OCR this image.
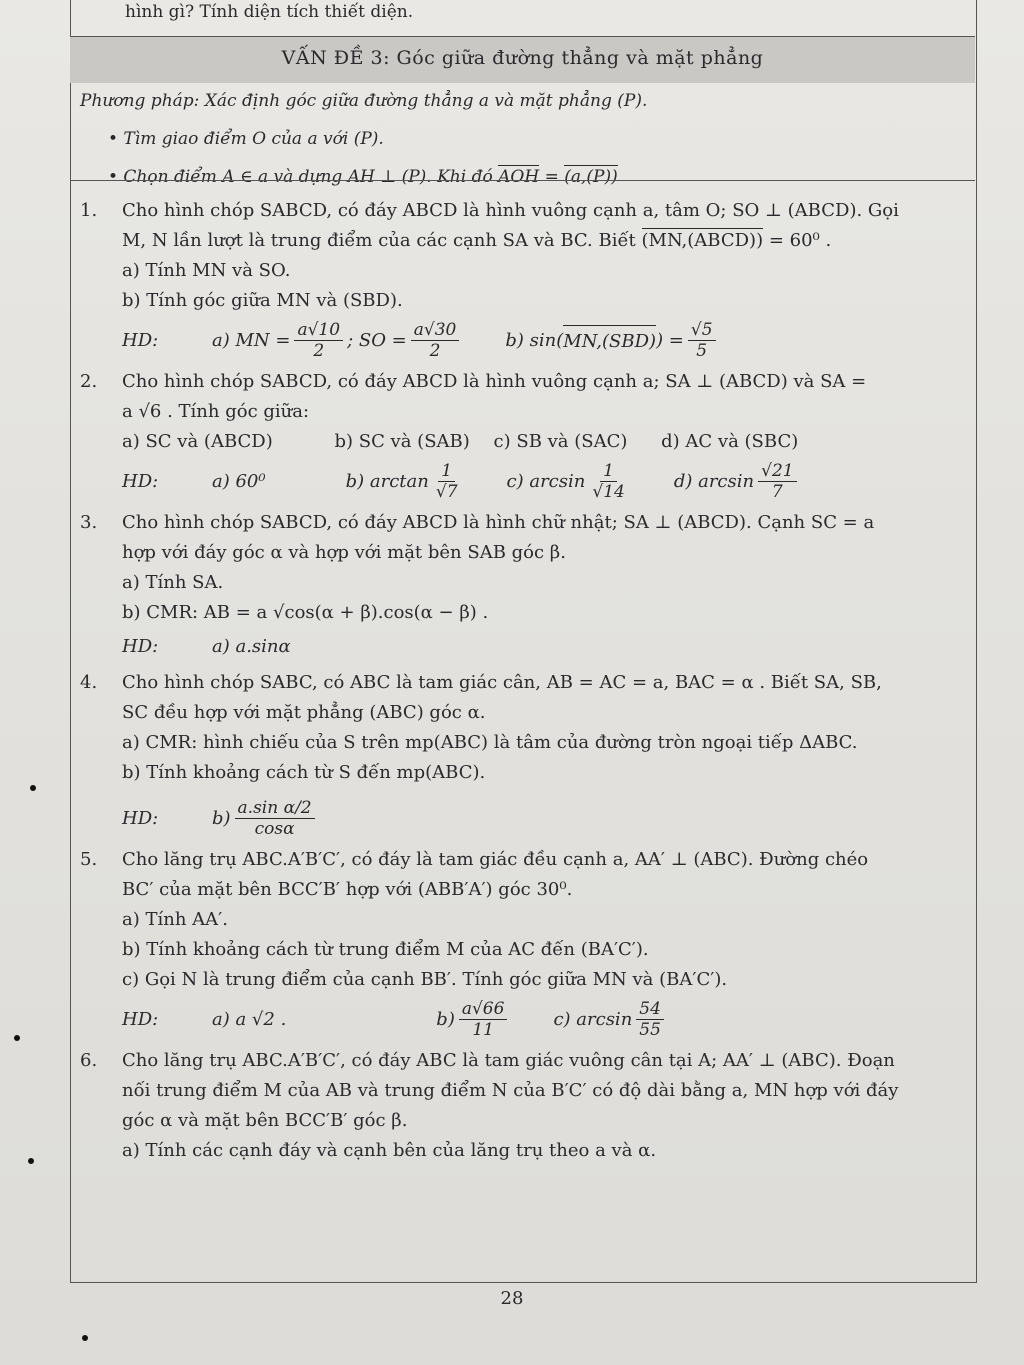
hình gì? Tính diện tích thiết diện.
VẤN ĐỀ 3: Góc giữa đường thẳng và mặt phẳng
Phương pháp: Xác định góc giữa đường thẳng a và mặt phẳng (P).
• Tìm giao điểm O của a với (P).
• Chọn điểm A ∈ a và dựng AH ⊥ (P). Khi đó AOH = (a,(P))
1. Cho hình chóp SABCD, có đáy ABCD là hình vuông cạnh a, tâm O; SO ⊥ (ABCD). Gọi
M, N lần lượt là trung điểm của các cạnh SA và BC. Biết (MN,(ABCD)) = 60⁰ .
a) Tính MN và SO.
b) Tính góc giữa MN và (SBD).
HD:	a) MN = $\frac{a√10}{2}$ ; SO = $\frac{a√30}{2}$	b) sin( MN,(SBD) ) = $\frac{√5}{5}$
2. Cho hình chóp SABCD, có đáy ABCD là hình vuông cạnh a; SA ⊥ (ABCD) và SA =
a √6 . Tính góc giữa:
a) SC và (ABCD)	b) SC và (SAB) c) SB và (SAC) d) AC và (SBC)
HD:	a) 60⁰	b) $\arctan \frac{1}{√7}$	c) $\arcsin \frac{1}{√14}$	d) $\arcsin \frac{√21}{7}$
3. Cho hình chóp SABCD, có đáy ABCD là hình chữ nhật; SA ⊥ (ABCD). Cạnh SC = a
hợp với đáy góc α và hợp với mặt bên SAB góc β.
a) Tính SA.
b) CMR: AB = a √cos(α + β).cos(α − β) .
HD:	a) a.sinα
4. Cho hình chóp SABC, có ABC là tam giác cân, AB = AC = a, BAC = α . Biết SA, SB,
SC đều hợp với mặt phẳng (ABC) góc α.
a) CMR: hình chiếu của S trên mp(ABC) là tâm của đường tròn ngoại tiếp ΔABC.
b) Tính khoảng cách từ S đến mp(ABC).
HD:	$b) \frac{\text{a.sin α/2}}{\cos\alpha}$
5. Cho lăng trụ ABC.A′B′C′, có đáy là tam giác đều cạnh a, AA′ ⊥ (ABC). Đường chéo
BC′ của mặt bên BCC′B′ hợp với (ABB′A′) góc 30⁰.
a) Tính AA′.
b) Tính khoảng cách từ trung điểm M của AC đến (BA′C′).
c) Gọi N là trung điểm của cạnh BB′. Tính góc giữa MN và (BA′C′).
HD:	a) a √2 .	$b) \frac{a√66}{11}$	c) $\arcsin \frac{54}{55}$
6. Cho lăng trụ ABC.A′B′C′, có đáy ABC là tam giác vuông cân tại A; AA′ ⊥ (ABC). Đoạn
nối trung điểm M của AB và trung điểm N của B′C′ có độ dài bằng a, MN hợp với đáy
góc α và mặt bên BCC′B′ góc β.
a) Tính các cạnh đáy và cạnh bên của lăng trụ theo a và α.
28
